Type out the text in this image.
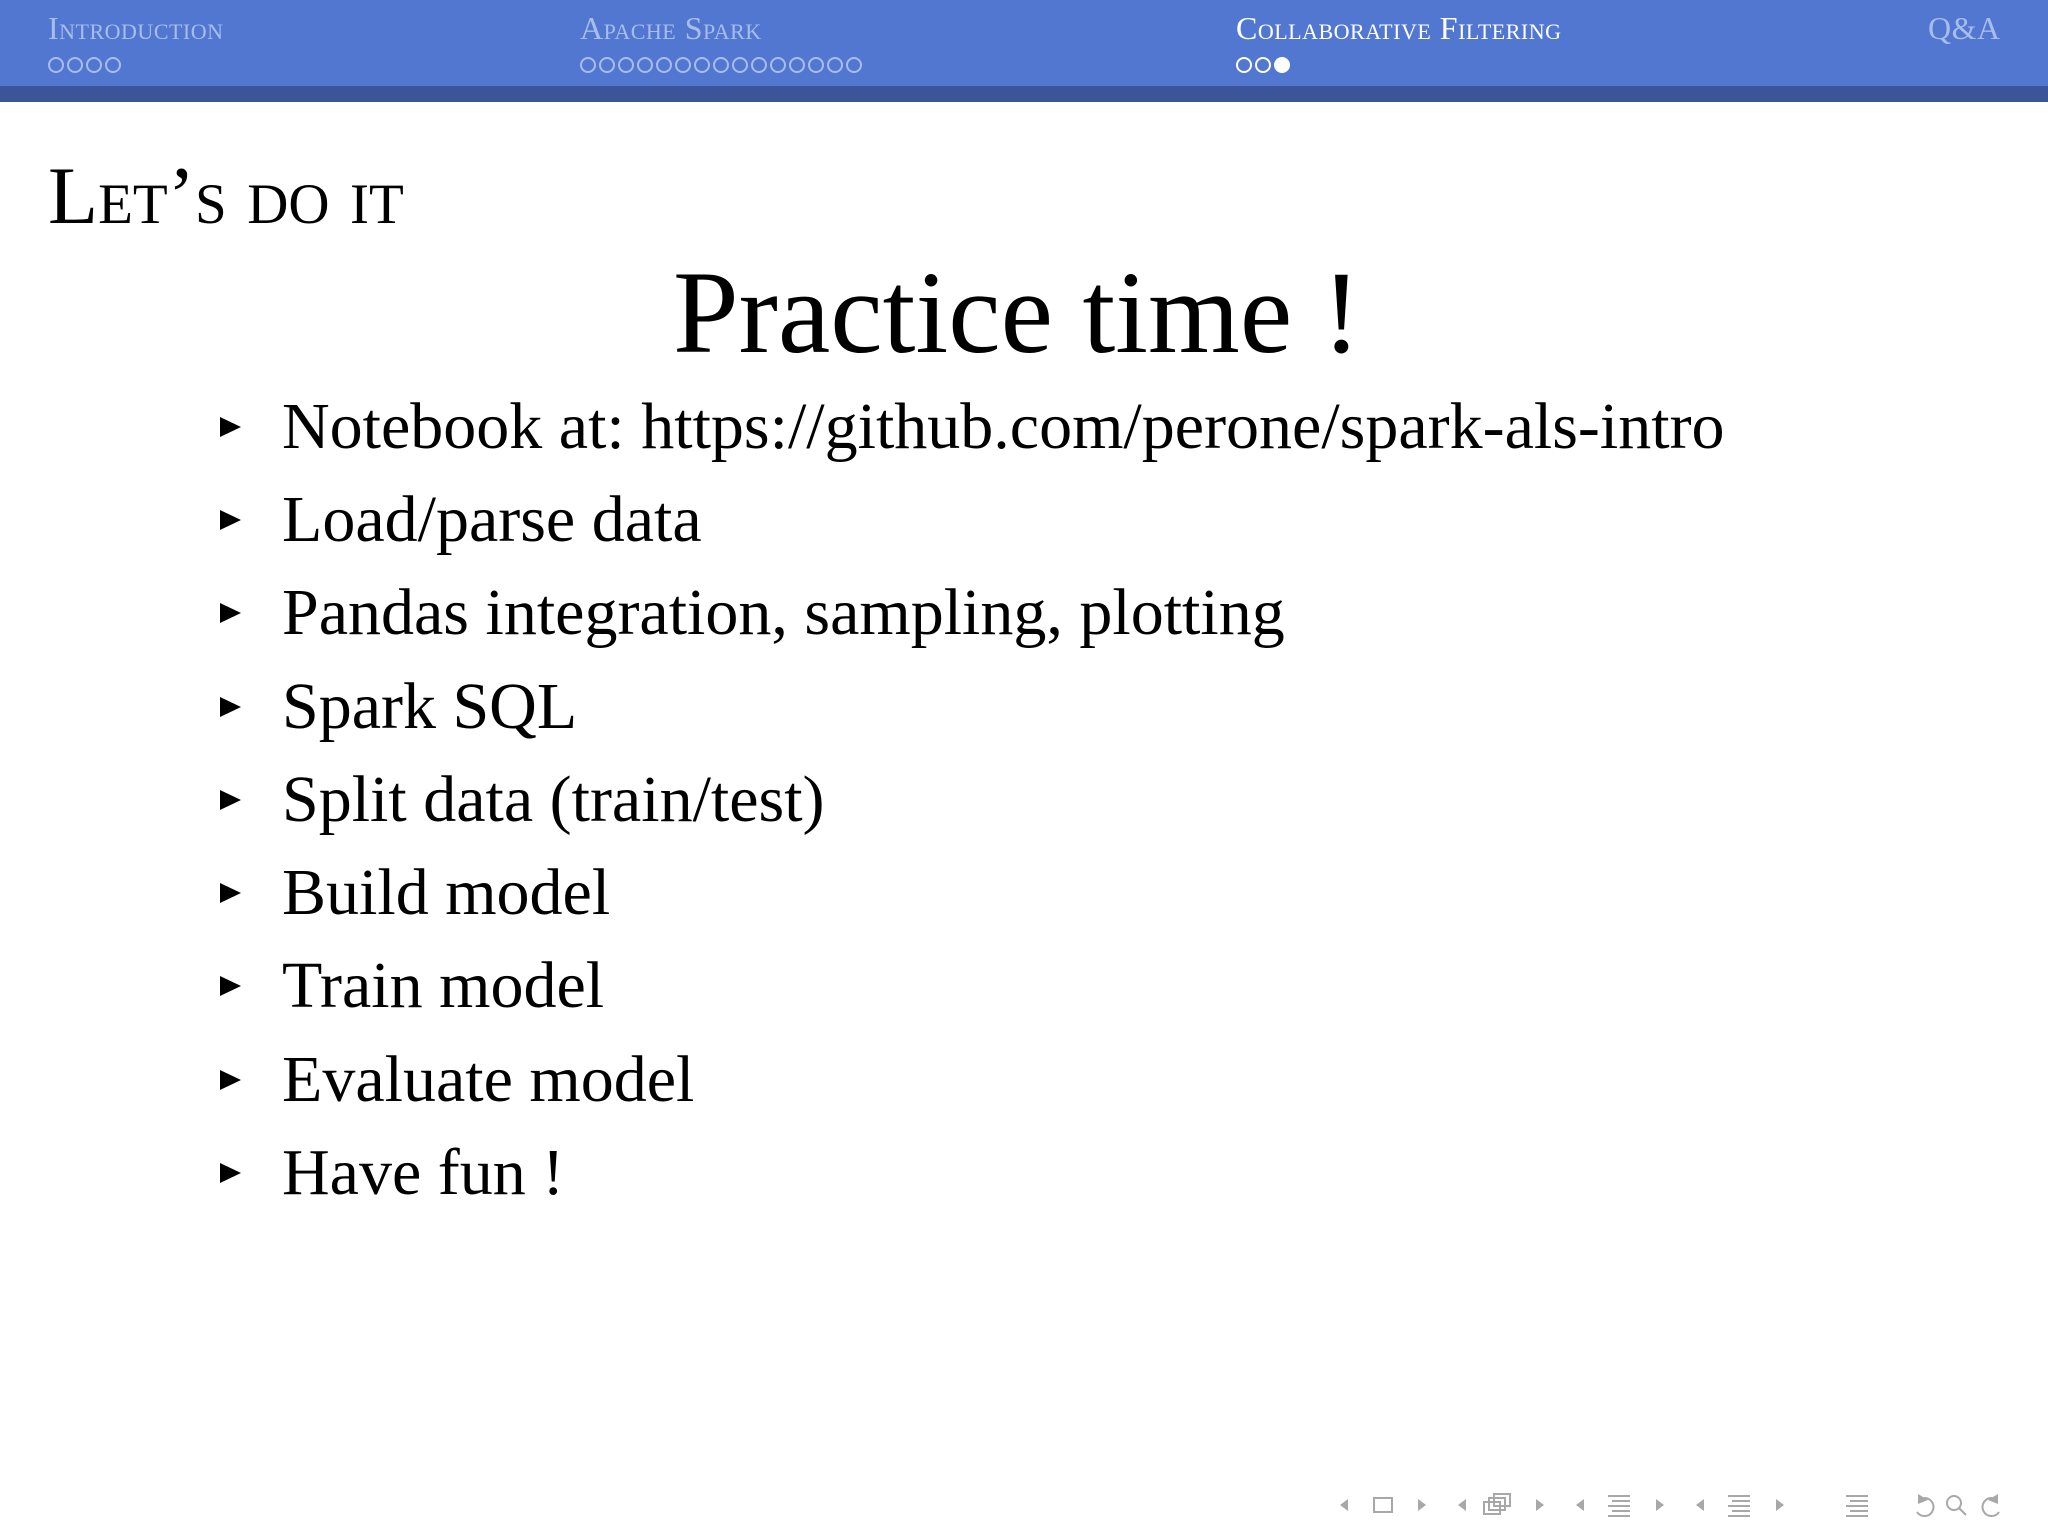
Introduction	Apache Spark	Collaborative Filtering	Q&A
Let’s do it
Practice time !
Notebook at: https://github.com/perone/spark-als-intro
Load/parse data
Pandas integration, sampling, plotting
Spark SQL
Split data (train/test)
Build model
Train model
Evaluate model
Have fun !
